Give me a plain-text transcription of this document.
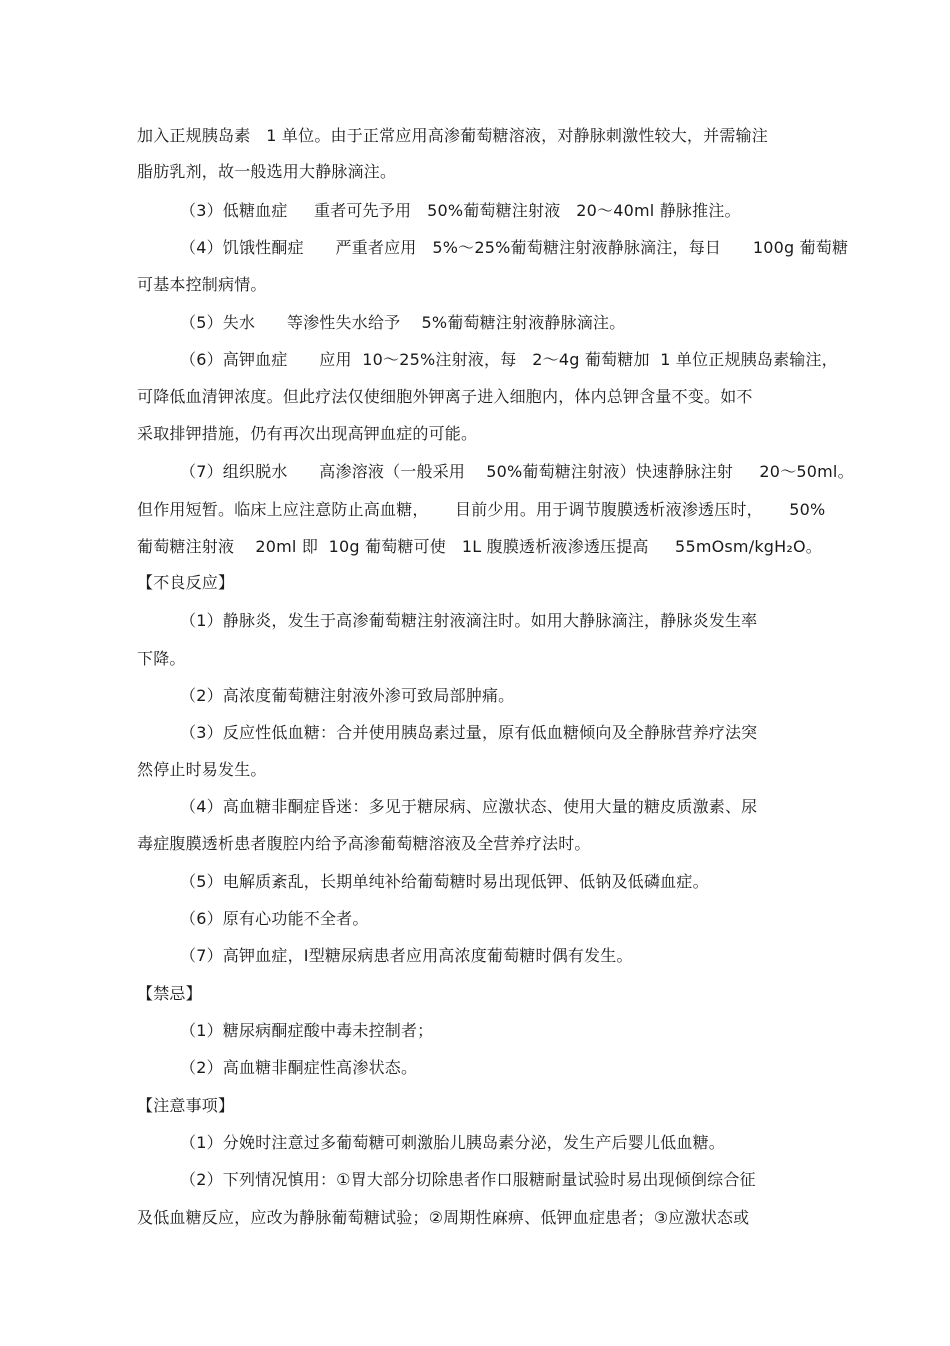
加入正规胰岛素   1 单位。由于正常应用高渗葡萄糖溶液，对静脉刺激性较大，并需输注
脂肪乳剂，故一般选用大静脉滴注。
（3）低糖血症     重者可先予用   50%葡萄糖注射液   20～40ml 静脉推注。
（4）饥饿性酮症      严重者应用   5%～25%葡萄糖注射液静脉滴注，每日      100g 葡萄糖
可基本控制病情。
（5）失水      等渗性失水给予    5%葡萄糖注射液静脉滴注。
（6）高钾血症      应用  10～25%注射液，每   2～4g 葡萄糖加  1 单位正规胰岛素输注，
可降低血清钾浓度。但此疗法仅使细胞外钾离子进入细胞内，体内总钾含量不变。如不
采取排钾措施，仍有再次出现高钾血症的可能。
（7）组织脱水      高渗溶液（一般采用    50%葡萄糖注射液）快速静脉注射     20～50ml。
但作用短暂。临床上应注意防止高血糖，     目前少用。用于调节腹膜透析液渗透压时，     50%
葡萄糖注射液    20ml 即  10g 葡萄糖可使   1L 腹膜透析液渗透压提高     55mOsm/kgH₂O。
【不良反应】
（1）静脉炎，发生于高渗葡萄糖注射液滴注时。如用大静脉滴注，静脉炎发生率
下降。
（2）高浓度葡萄糖注射液外渗可致局部肿痛。
（3）反应性低血糖：合并使用胰岛素过量，原有低血糖倾向及全静脉营养疗法突
然停止时易发生。
（4）高血糖非酮症昏迷：多见于糖尿病、应激状态、使用大量的糖皮质激素、尿
毒症腹膜透析患者腹腔内给予高渗葡萄糖溶液及全营养疗法时。
（5）电解质紊乱，长期单纯补给葡萄糖时易出现低钾、低钠及低磷血症。
（6）原有心功能不全者。
（7）高钾血症，Ⅰ型糖尿病患者应用高浓度葡萄糖时偶有发生。
【禁忌】
（1）糖尿病酮症酸中毒未控制者；
（2）高血糖非酮症性高渗状态。
【注意事项】
（1）分娩时注意过多葡萄糖可刺激胎儿胰岛素分泌，发生产后婴儿低血糖。
（2）下列情况慎用：①胃大部分切除患者作口服糖耐量试验时易出现倾倒综合征
及低血糖反应，应改为静脉葡萄糖试验；②周期性麻痹、低钾血症患者；③应激状态或
